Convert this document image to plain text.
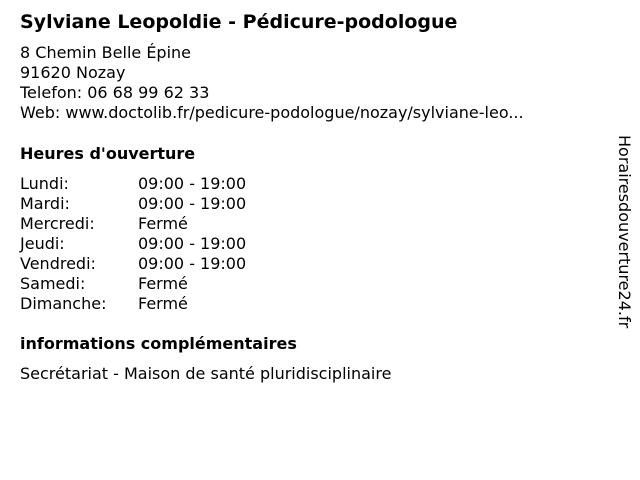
Sylviane Leopoldie - Pédicure-podologue
8 Chemin Belle Épine
91620 Nozay
Telefon: 06 68 99 62 33
Web: www.doctolib.fr/pedicure-podologue/nozay/sylviane-leo...
Heures d'ouverture
Lundi:	09:00 - 19:00
Mardi:	09:00 - 19:00
Mercredi:	Fermé
Jeudi:	09:00 - 19:00
Vendredi:	09:00 - 19:00
Samedi:	Fermé
Dimanche:	Fermé
informations complémentaires
Secrétariat - Maison de santé pluridisciplinaire
Horairesdouverture24.fr
